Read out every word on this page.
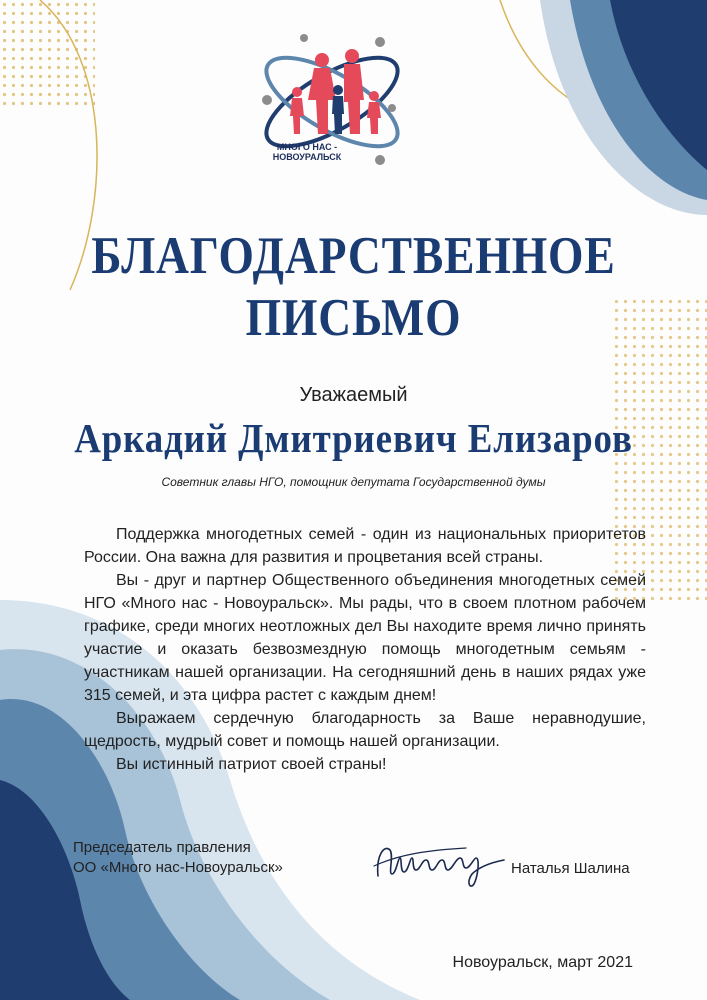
МНОГО НАС -
НОВОУРАЛЬСК
БЛАГОДАРСТВЕННОЕ
ПИСЬМО
Уважаемый
Аркадий Дмитриевич Елизаров
Советник главы НГО, помощник депутата Государственной думы

Поддержка многодетных семей - один из национальных приоритетов России. Она важна для развития и процветания всей страны.

Вы - друг и партнер Общественного объединения многодетных семей НГО «Много нас - Новоуральск». Мы рады, что в своем плотном рабочем графике, среди многих неотложных дел Вы находите время лично принять участие и оказать безвозмездную помощь многодетным семьям - участникам нашей организации. На сегодняшний день в наших рядах уже 315 семей, и эта цифра растет с каждым днем!

Выражаем сердечную благодарность за Ваше неравнодушие, щедрость, мудрый совет и помощь нашей организации.

Вы истинный патриот своей страны!

Председатель правления
ОО «Много нас-Новоуральск»	Наталья Шалина
Новоуральск, март 2021
